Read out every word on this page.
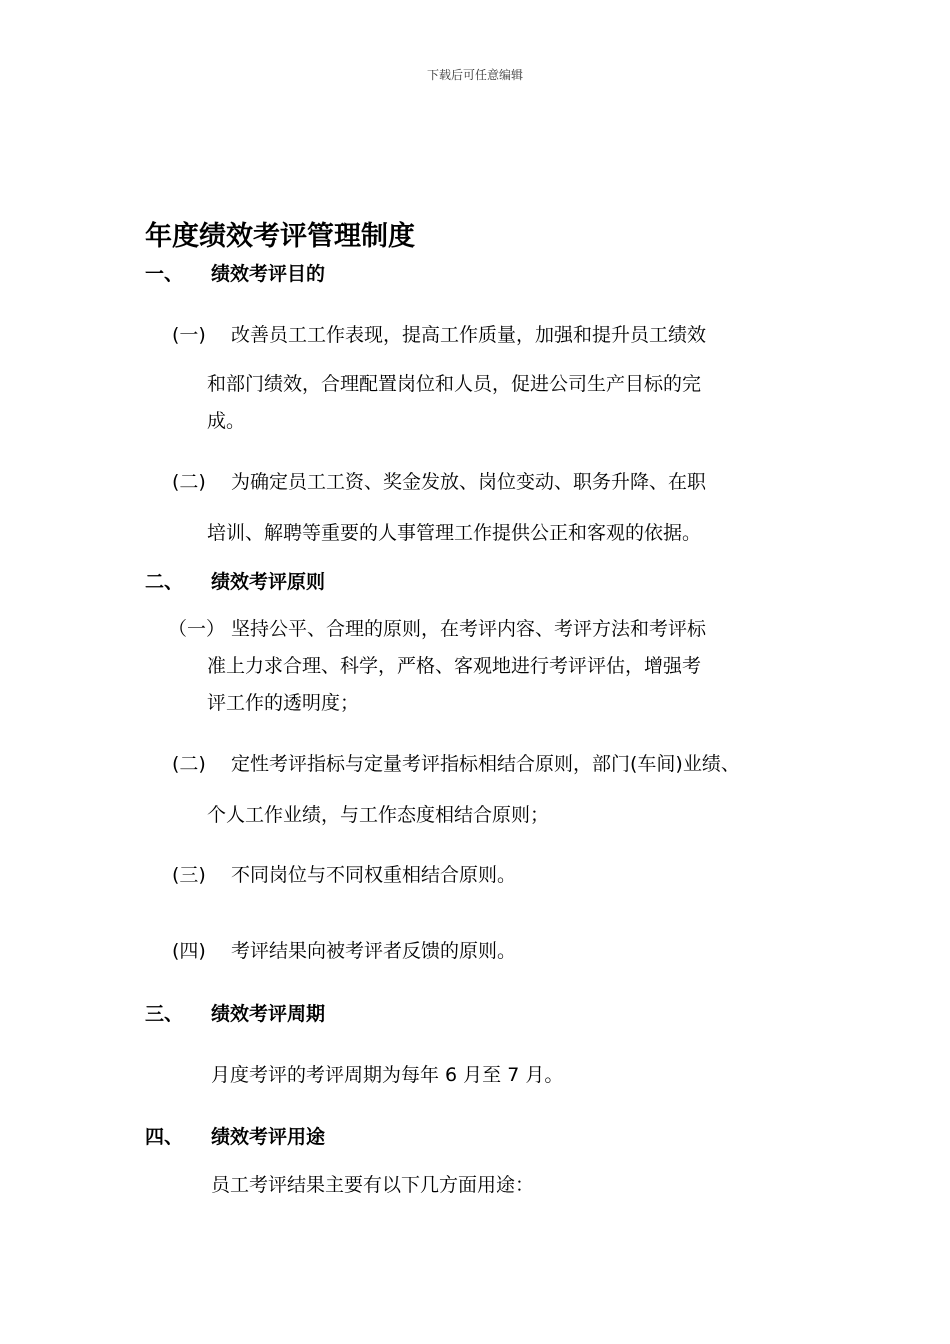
下载后可任意编辑
年度绩效考评管理制度
一、 绩效考评目的
(一) 改善员工工作表现，提高工作质量，加强和提升员工绩效
和部门绩效，合理配置岗位和人员，促进公司生产目标的完
成。
(二) 为确定员工工资、奖金发放、岗位变动、职务升降、在职
培训、解聘等重要的人事管理工作提供公正和客观的依据。
二、 绩效考评原则
（一） 坚持公平、合理的原则，在考评内容、考评方法和考评标
准上力求合理、科学，严格、客观地进行考评评估，增强考
评工作的透明度；
(二) 定性考评指标与定量考评指标相结合原则，部门(车间)业绩、
个人工作业绩，与工作态度相结合原则；
(三) 不同岗位与不同权重相结合原则。
(四) 考评结果向被考评者反馈的原则。
三、 绩效考评周期
月度考评的考评周期为每年 6 月至 7 月。
四、 绩效考评用途
员工考评结果主要有以下几方面用途：
